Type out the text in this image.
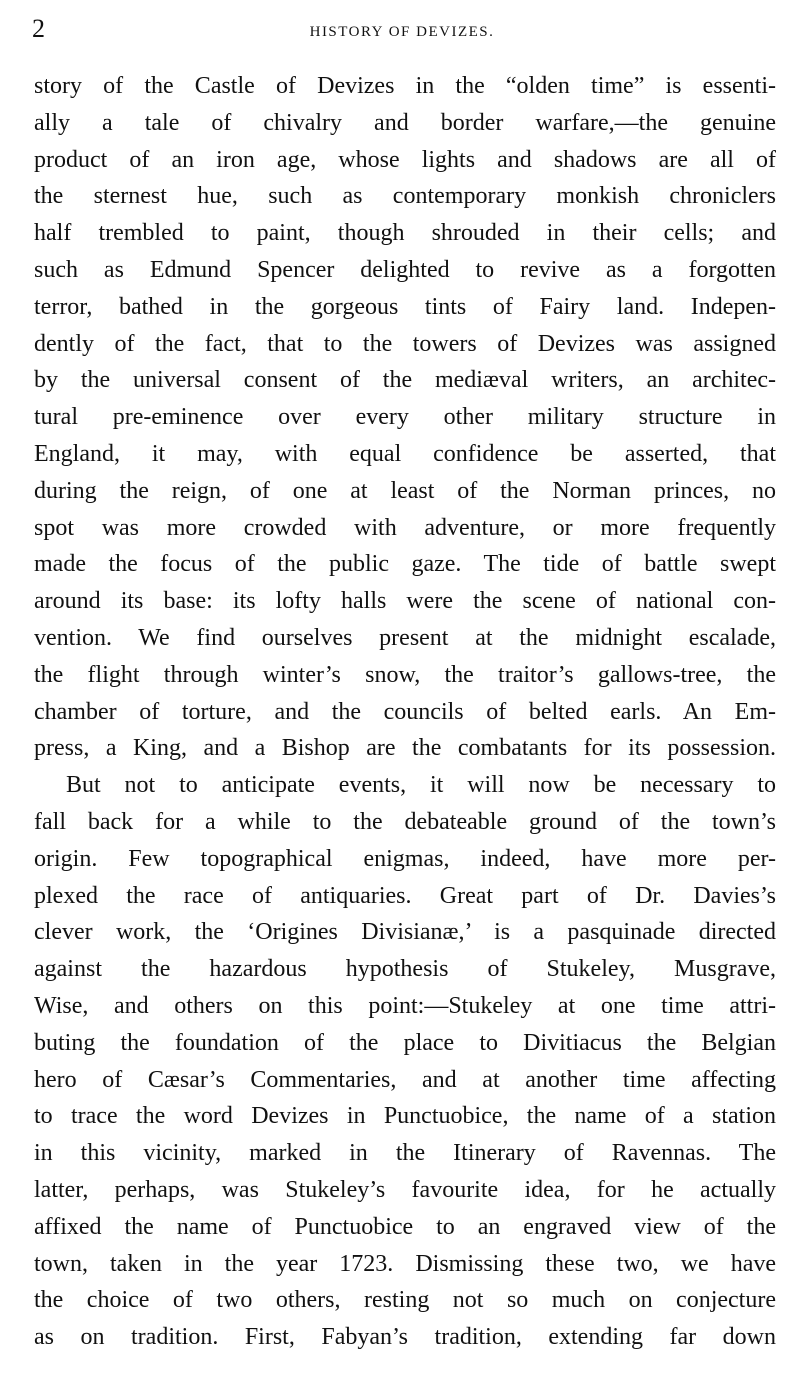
2	HISTORY OF DEVIZES.
story of the Castle of Devizes in the “olden time” is essenti-
ally a tale of chivalry and border warfare,—the genuine
product of an iron age, whose lights and shadows are all of
the sternest hue, such as contemporary monkish chroniclers
half trembled to paint, though shrouded in their cells; and
such as Edmund Spencer delighted to revive as a forgotten
terror, bathed in the gorgeous tints of Fairy land. Indepen-
dently of the fact, that to the towers of Devizes was assigned
by the universal consent of the mediæval writers, an architec-
tural pre-eminence over every other military structure in
England, it may, with equal confidence be asserted, that
during the reign, of one at least of the Norman princes, no
spot was more crowded with adventure, or more frequently
made the focus of the public gaze. The tide of battle swept
around its base: its lofty halls were the scene of national con-
vention. We find ourselves present at the midnight escalade,
the flight through winter’s snow, the traitor’s gallows-tree, the
chamber of torture, and the councils of belted earls. An Em-
press, a King, and a Bishop are the combatants for its possession.
But not to anticipate events, it will now be necessary to
fall back for a while to the debateable ground of the town’s
origin. Few topographical enigmas, indeed, have more per-
plexed the race of antiquaries. Great part of Dr. Davies’s
clever work, the ‘Origines Divisianæ,’ is a pasquinade directed
against the hazardous hypothesis of Stukeley, Musgrave,
Wise, and others on this point:—Stukeley at one time attri-
buting the foundation of the place to Divitiacus the Belgian
hero of Cæsar’s Commentaries, and at another time affecting
to trace the word Devizes in Punctuobice, the name of a station
in this vicinity, marked in the Itinerary of Ravennas. The
latter, perhaps, was Stukeley’s favourite idea, for he actually
affixed the name of Punctuobice to an engraved view of the
town, taken in the year 1723. Dismissing these two, we have
the choice of two others, resting not so much on conjecture
as on tradition. First, Fabyan’s tradition, extending far down
